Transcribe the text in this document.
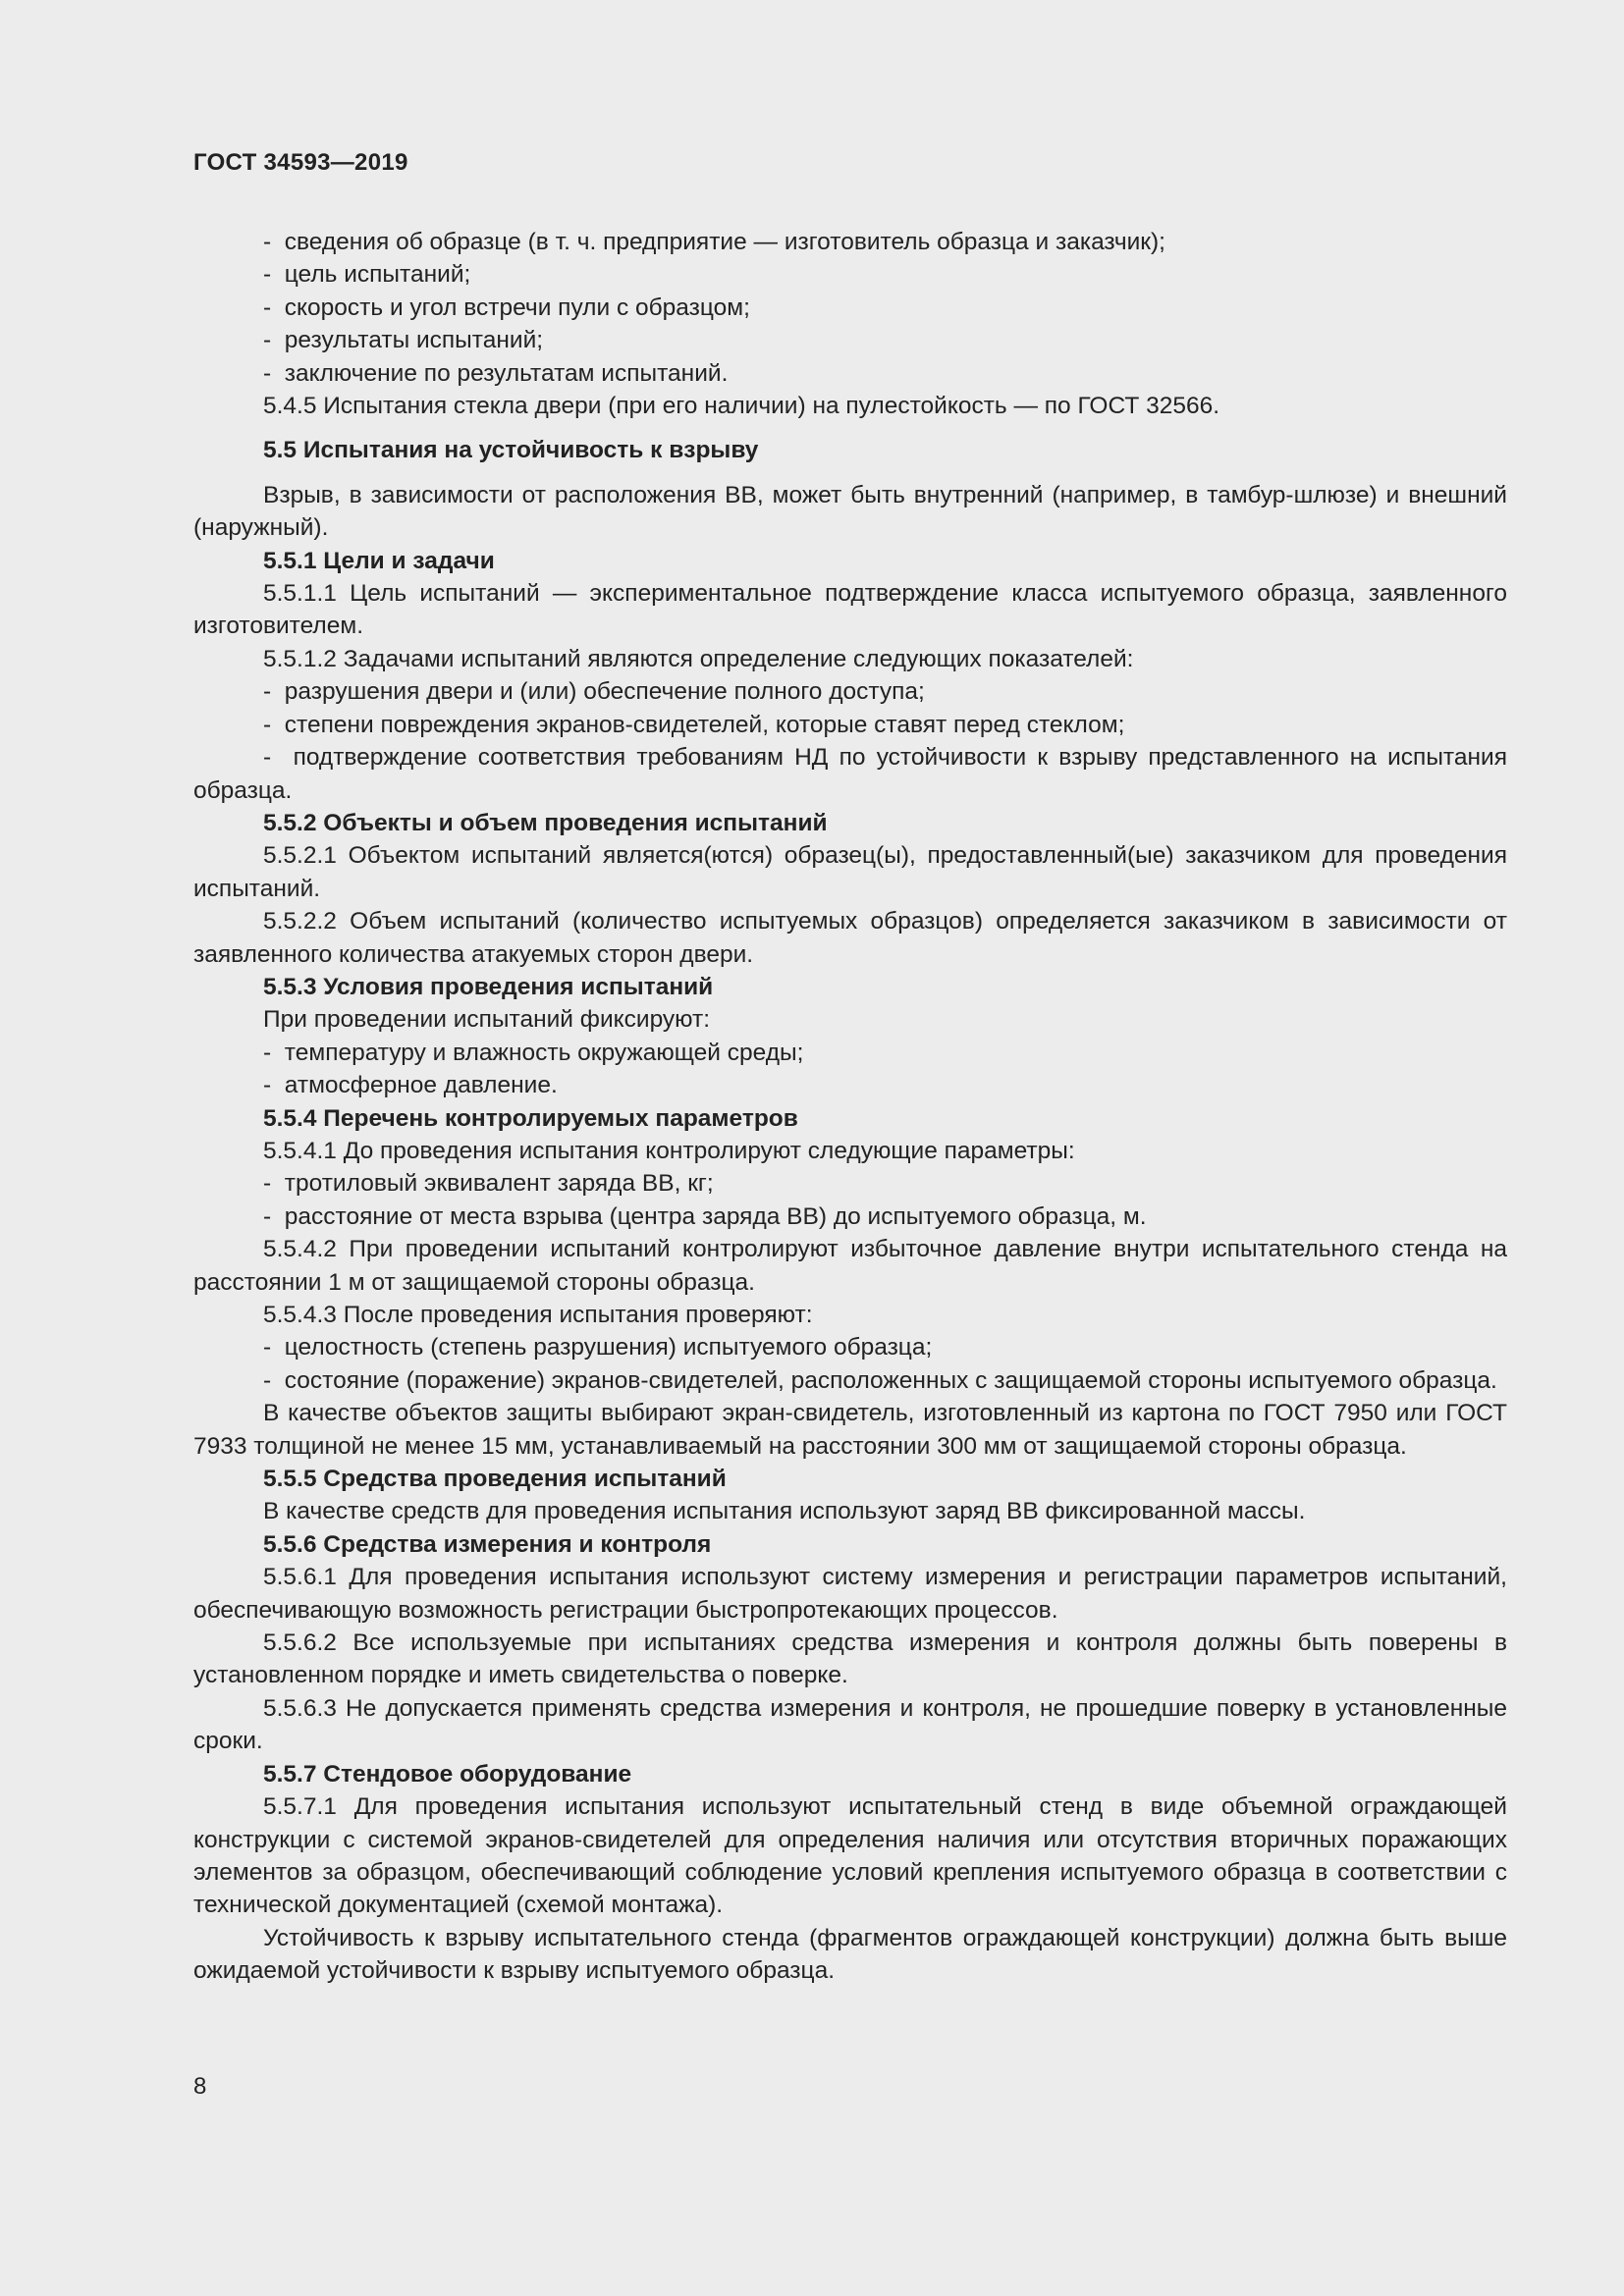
ГОСТ 34593—2019

-  сведения об образце (в т. ч. предприятие — изготовитель образца и заказчик);

-  цель испытаний;

-  скорость и угол встречи пули с образцом;

-  результаты испытаний;

-  заключение по результатам испытаний.

5.4.5 Испытания стекла двери (при его наличии) на пулестойкость — по ГОСТ 32566.

5.5 Испытания на устойчивость к взрыву

Взрыв, в зависимости от расположения ВВ, может быть внутренний (например, в тамбур-шлюзе) и внешний (наружный).

5.5.1 Цели и задачи

5.5.1.1 Цель испытаний — экспериментальное подтверждение класса испытуемого образца, заявленного изготовителем.

5.5.1.2 Задачами испытаний являются определение следующих показателей:

-  разрушения двери и (или) обеспечение полного доступа;

-  степени повреждения экранов-свидетелей, которые ставят перед стеклом;

-  подтверждение соответствия требованиям НД по устойчивости к взрыву представленного на испытания образца.

5.5.2 Объекты и объем проведения испытаний

5.5.2.1 Объектом испытаний является(ются) образец(ы), предоставленный(ые) заказчиком для проведения испытаний.

5.5.2.2 Объем испытаний (количество испытуемых образцов) определяется заказчиком в зависимости от заявленного количества атакуемых сторон двери.

5.5.3 Условия проведения испытаний

При проведении испытаний фиксируют:

-  температуру и влажность окружающей среды;

-  атмосферное давление.

5.5.4 Перечень контролируемых параметров

5.5.4.1 До проведения испытания контролируют следующие параметры:

-  тротиловый эквивалент заряда ВВ, кг;

-  расстояние от места взрыва (центра заряда ВВ) до испытуемого образца, м.

5.5.4.2 При проведении испытаний контролируют избыточное давление внутри испытательного стенда на расстоянии 1 м от защищаемой стороны образца.

5.5.4.3 После проведения испытания проверяют:

-  целостность (степень разрушения) испытуемого образца;

-  состояние (поражение) экранов-свидетелей, расположенных с защищаемой стороны испытуемого образца.

В качестве объектов защиты выбирают экран-свидетель, изготовленный из картона по ГОСТ 7950 или ГОСТ 7933 толщиной не менее 15 мм, устанавливаемый на расстоянии 300 мм от защищаемой стороны образца.

5.5.5 Средства проведения испытаний

В качестве средств для проведения испытания используют заряд ВВ фиксированной массы.

5.5.6 Средства измерения и контроля

5.5.6.1 Для проведения испытания используют систему измерения и регистрации параметров испытаний, обеспечивающую возможность регистрации быстропротекающих процессов.

5.5.6.2 Все используемые при испытаниях средства измерения и контроля должны быть поверены в установленном порядке и иметь свидетельства о поверке.

5.5.6.3 Не допускается применять средства измерения и контроля, не прошедшие поверку в установленные сроки.

5.5.7 Стендовое оборудование

5.5.7.1 Для проведения испытания используют испытательный стенд в виде объемной ограждающей конструкции с системой экранов-свидетелей для определения наличия или отсутствия вторичных поражающих элементов за образцом, обеспечивающий соблюдение условий крепления испытуемого образца в соответствии с технической документацией (схемой монтажа).

Устойчивость к взрыву испытательного стенда (фрагментов ограждающей конструкции) должна быть выше ожидаемой устойчивости к взрыву испытуемого образца.

8
